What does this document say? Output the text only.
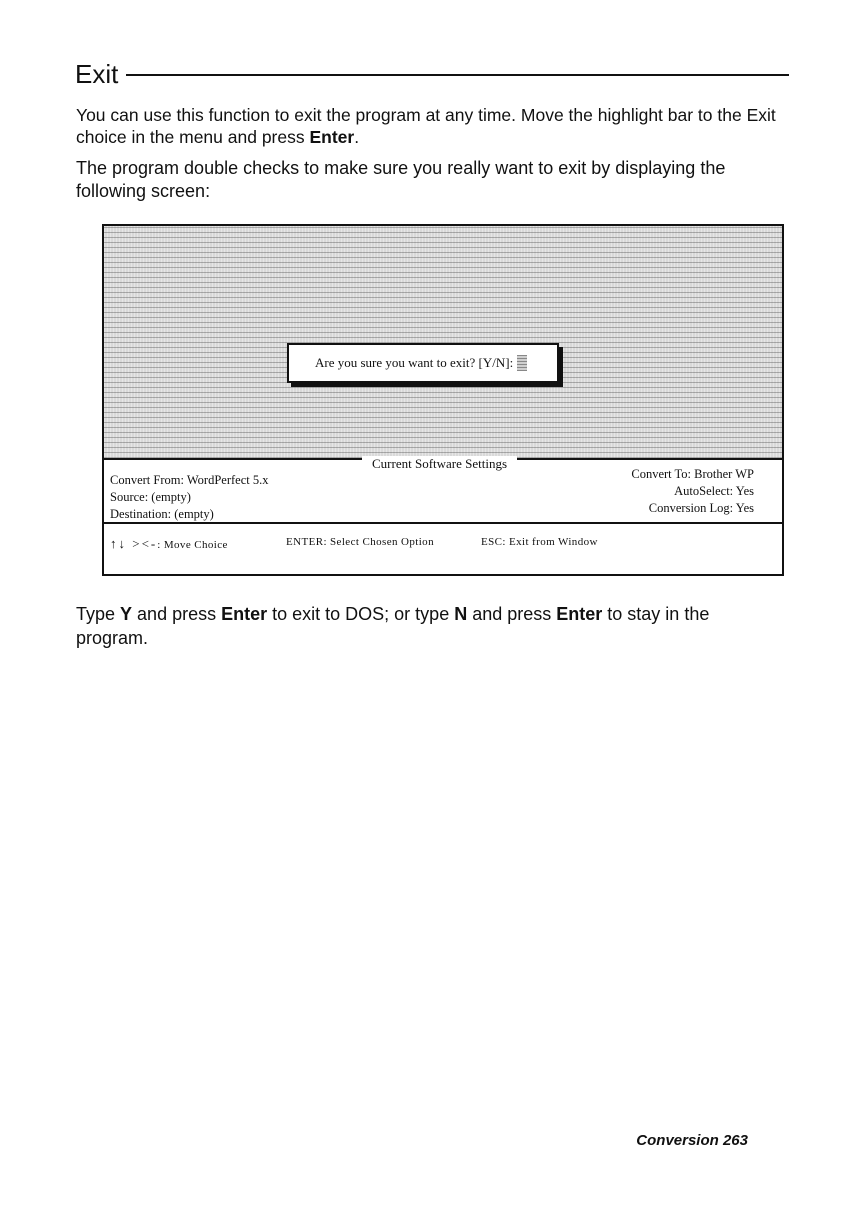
Exit

You can use this function to exit the program at any time. Move the highlight bar to the Exit choice in the menu and press Enter.

The program double checks to make sure you really want to exit by displaying the following screen:

Are you sure you want to exit? [Y/N]:
Current Software Settings
Convert From: WordPerfect 5.x
Source: (empty)
Destination: (empty)
Convert To: Brother WP
AutoSelect: Yes
Conversion Log: Yes
↑↓ ><-: Move Choice	ENTER: Select Chosen Option	ESC: Exit from Window

Type Y and press Enter to exit to DOS; or type N and press Enter to stay in the program.

Conversion 263
